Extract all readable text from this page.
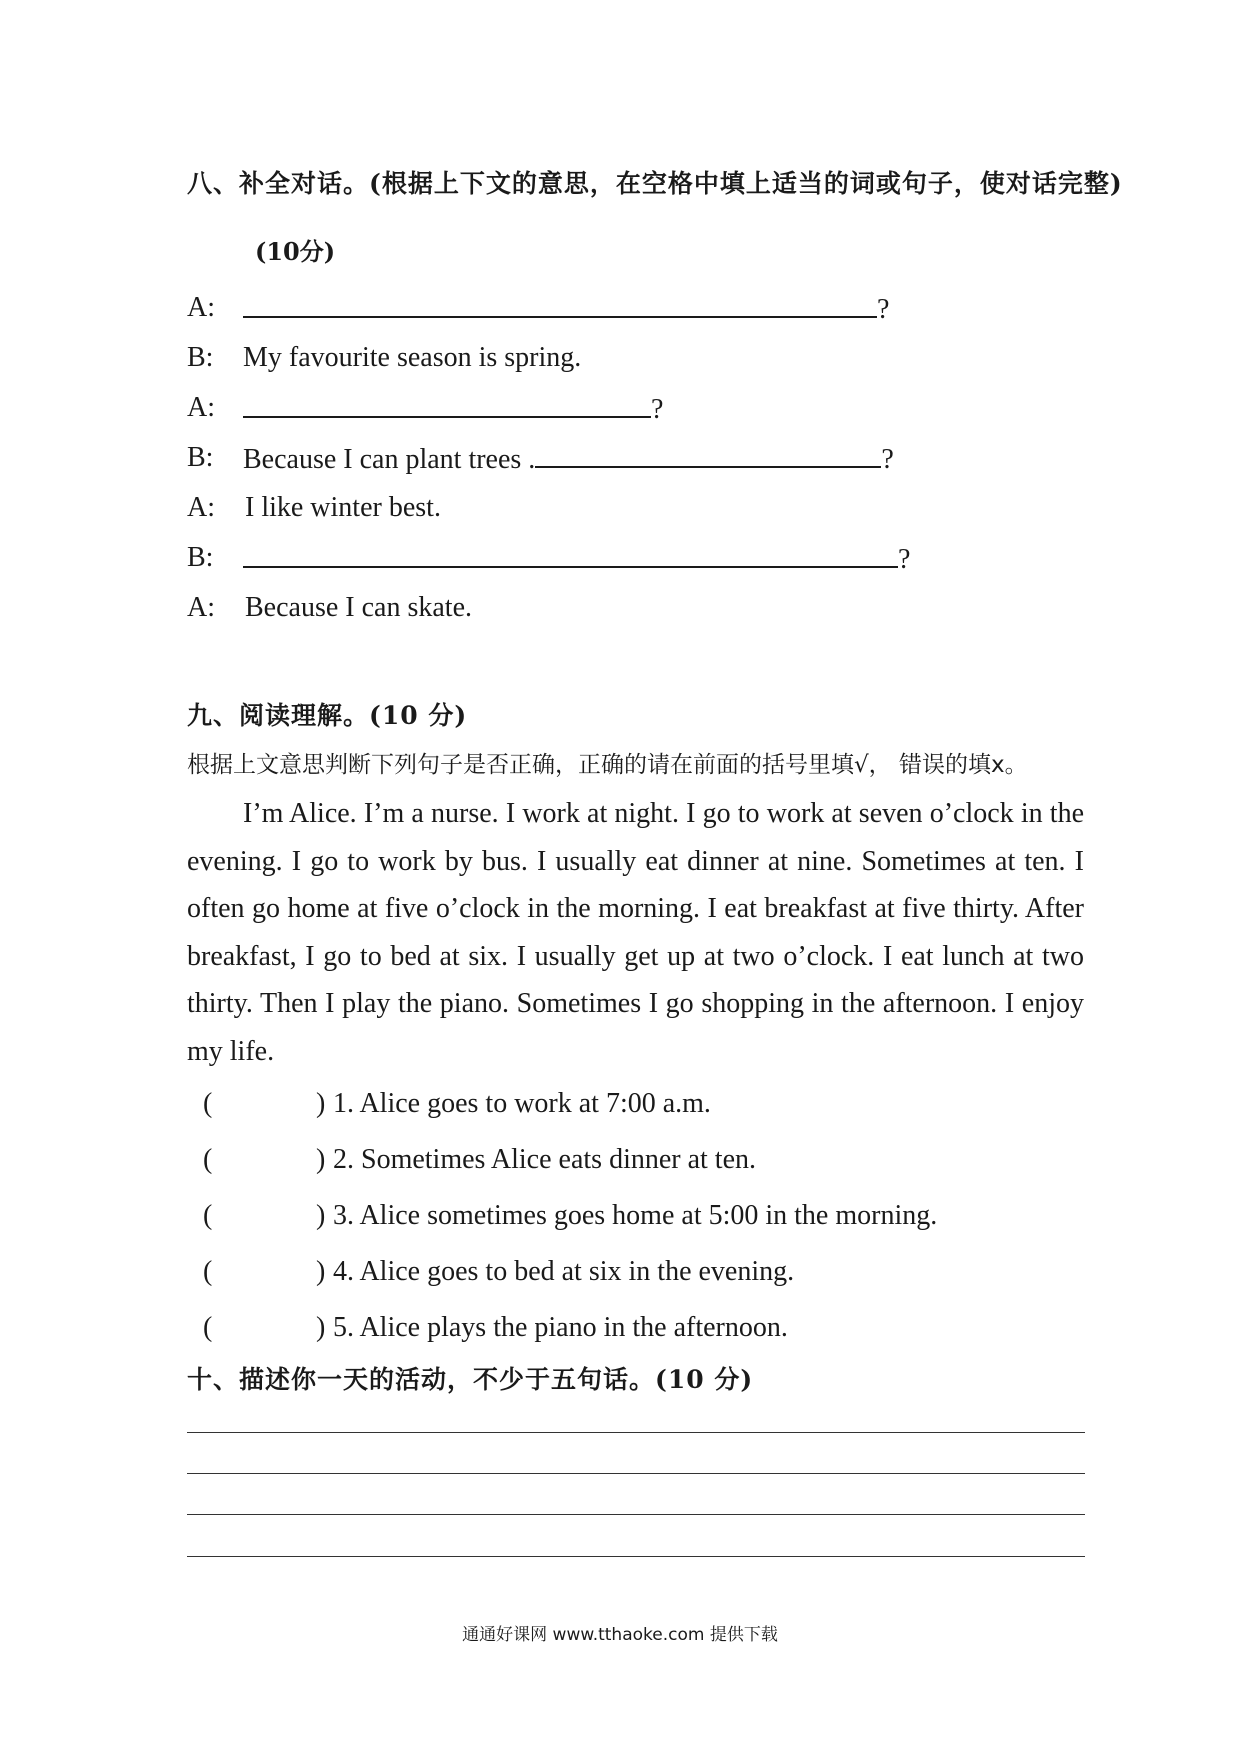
八、补全对话。(根据上下文的意思，在空格中填上适当的词或句子，使对话完整)
(10分)
A:	?
B: My favourite season is spring.
A:	?
B: Because I can plant trees .	?
A: I like winter best.
B:	?
A: Because I can skate.
九、阅读理解。(10 分)
根据上文意思判断下列句子是否正确，正确的请在前面的括号里填√， 错误的填x。
I’m Alice. I’m a nurse. I work at night. I go to work at seven o’clock in the evening. I go to work by bus. I usually eat dinner at nine. Sometimes at ten. I often go home at five o’clock in the morning. I eat breakfast at five thirty. After breakfast, I go to bed at six. I usually get up at two o’clock. I eat lunch at two thirty. Then I play the piano. Sometimes I go shopping in the afternoon. I enjoy my life.
(	) 1. Alice goes to work at 7:00 a.m.
(	) 2. Sometimes Alice eats dinner at ten.
(	) 3. Alice sometimes goes home at 5:00 in the morning.
(	) 4. Alice goes to bed at six in the evening.
(	) 5. Alice plays the piano in the afternoon.
十、描述你一天的活动，不少于五句话。(10 分)
通通好课网 www.tthaoke.com 提供下载
